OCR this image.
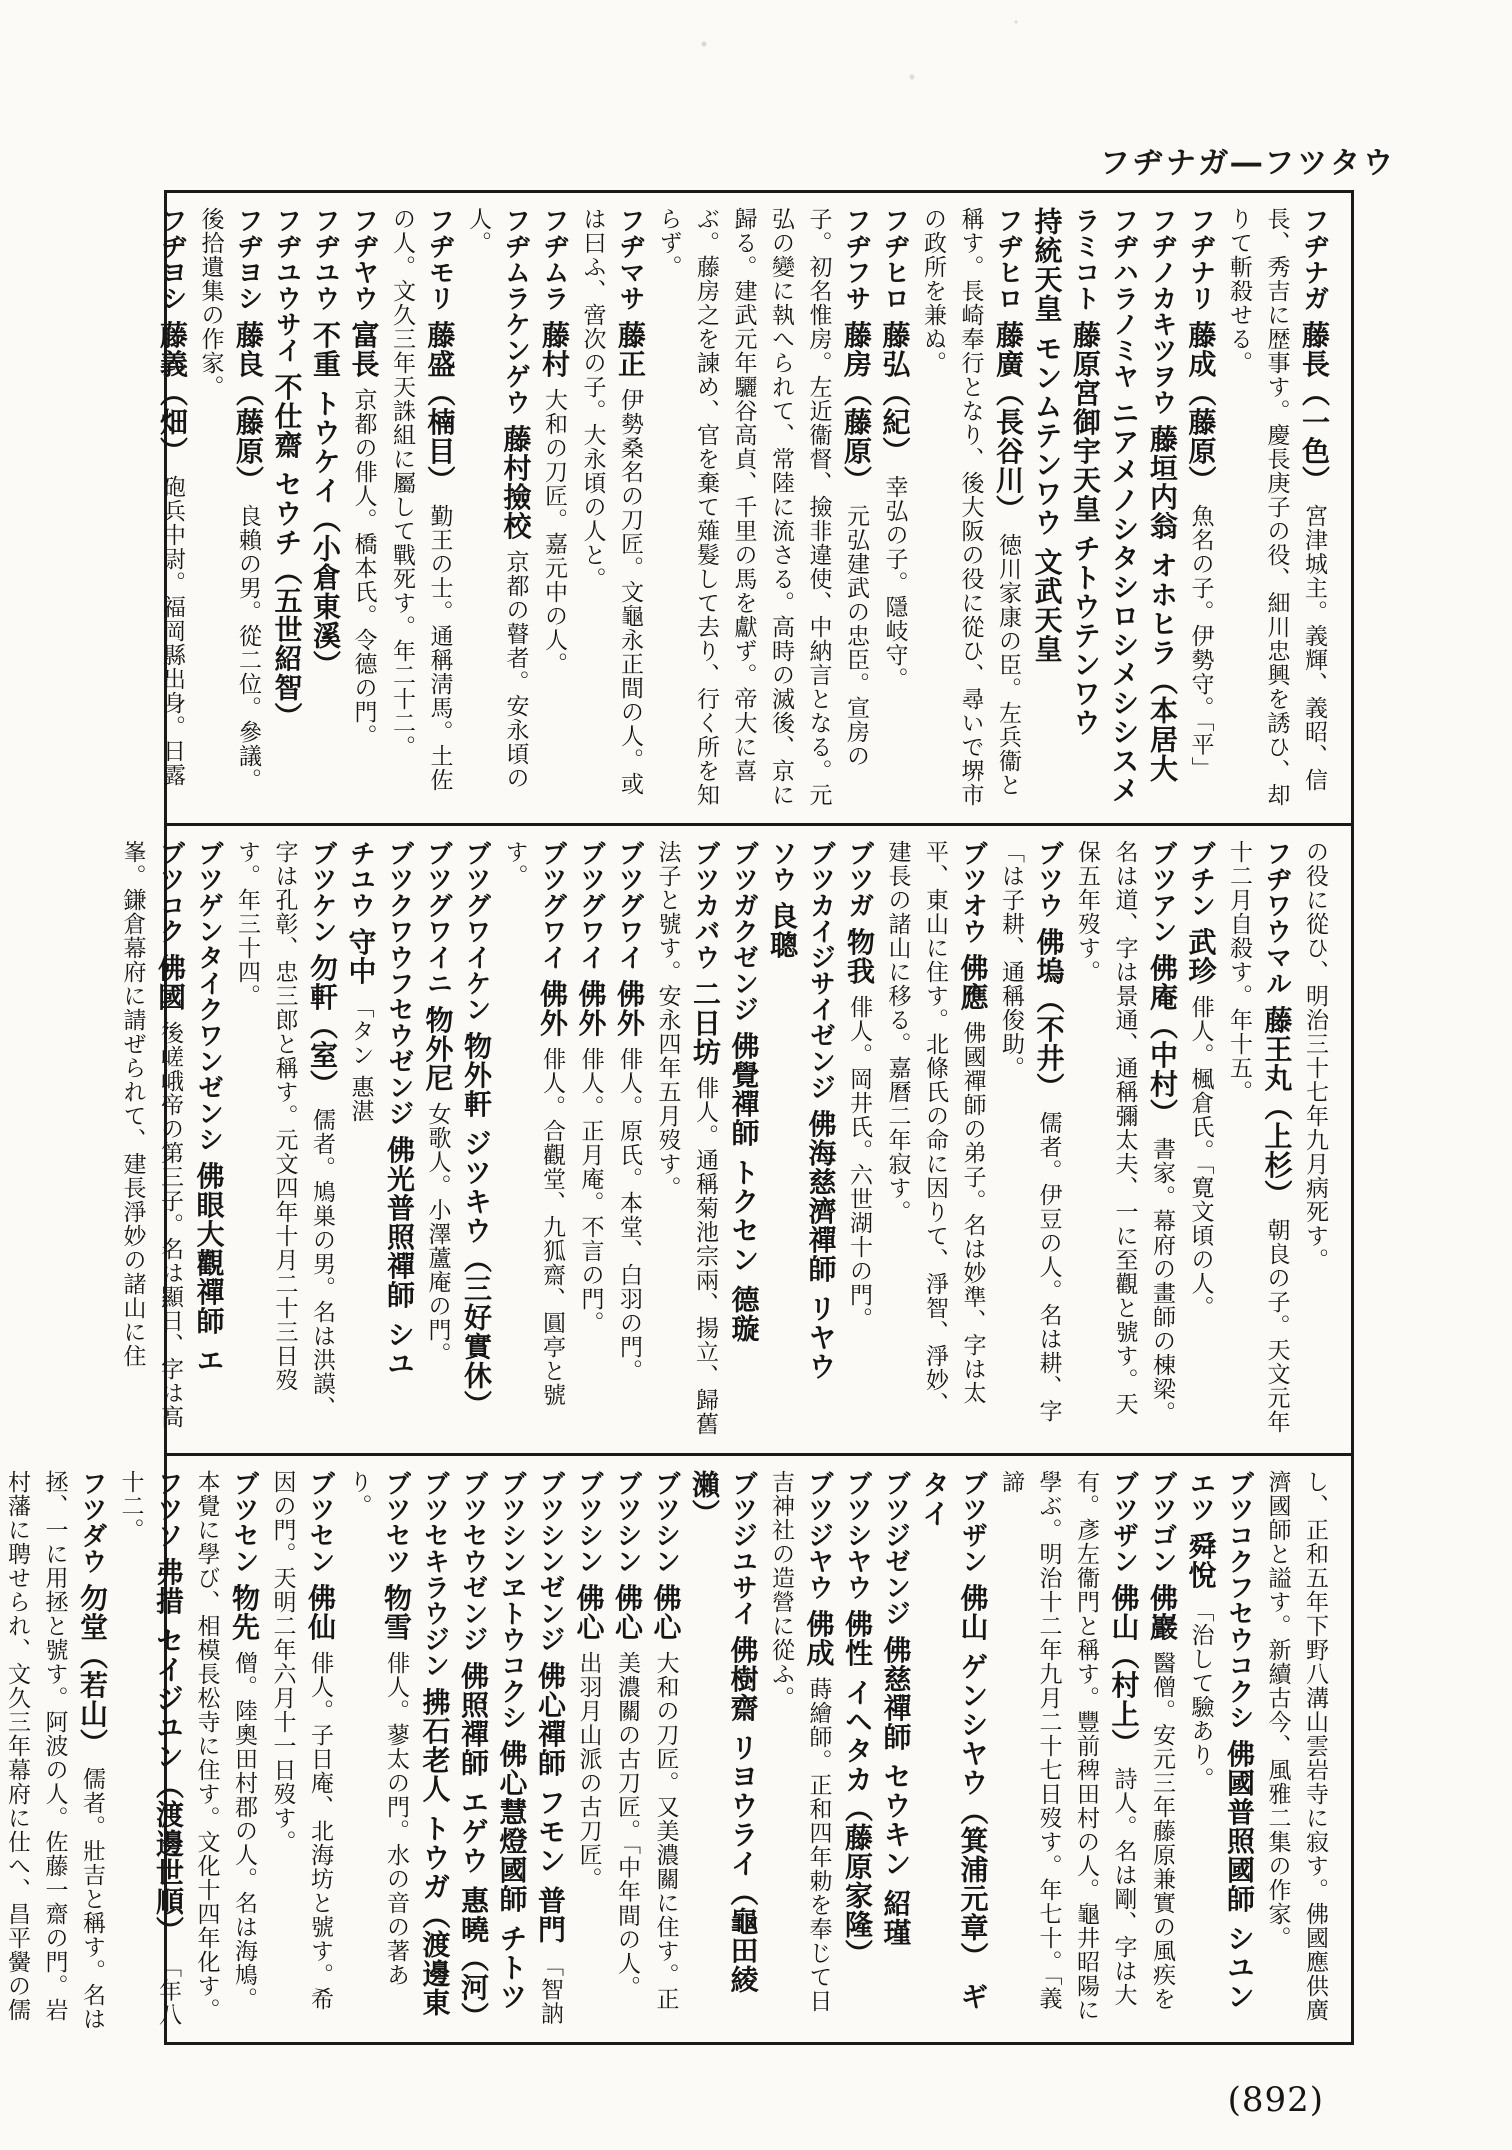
フヂナガ―フツタウ

フヂナガ 藤長（一色） 宮津城主。義輝、義昭、信長、秀吉に歴事す。慶長庚子の役、細川忠興を誘ひ、却りて斬殺せる。

フヂナリ 藤成（藤原） 魚名の子。伊勢守。「平」

フヂノカキツヲウ 藤垣内翁 オホヒラ（本居大

フヂハラノミヤ ニアメノシタシロシメシシスメ

ラミコト 藤原宮御宇天皇 チトウテンワウ

持統天皇 モンムテンワウ 文武天皇

フヂヒロ 藤廣（長谷川） 徳川家康の臣。左兵衞と稱す。長崎奉行となり、後大阪の役に從ひ、尋いで堺市の政所を兼ぬ。

フヂヒロ 藤弘（紀） 幸弘の子。隱岐守。

フヂフサ 藤房（藤原） 元弘建武の忠臣。宣房の子。初名惟房。左近衞督、撿非違使、中納言となる。元弘の變に執へられて、常陸に流さる。高時の滅後、京に歸る。建武元年驪谷高貞、千里の馬を獻ず。帝大に喜ぶ。藤房之を諫め、官を棄て薙髮して去り、行く所を知らず。

フヂマサ 藤正 伊勢桑名の刀匠。文龜永正間の人。或は曰ふ、啻次の子。大永頃の人と。

フヂムラ 藤村 大和の刀匠。嘉元中の人。

フヂムラケンゲウ 藤村撿校 京都の瞽者。安永頃の人。

フヂモリ 藤盛（楠目） 勤王の士。通稱淸馬。土佐の人。文久三年天誅組に屬して戰死す。年二十二。

フヂヤウ 富長 京都の俳人。橋本氏。令德の門。

フヂユウ 不重 トウケイ（小倉東溪）

フヂユウサイ 不仕齋 セウチ（五世紹智）

フヂヨシ 藤良（藤原） 良賴の男。從二位。參議。後拾遺集の作家。

フヂヨシ 藤義（畑） 砲兵中尉。福岡縣出身。日露

の役に從ひ、明治三十七年九月病死す。

フヂワウマル 藤王丸（上杉） 朝良の子。天文元年十二月自殺す。年十五。

ブチン 武珍 俳人。楓倉氏。「寛文頃の人。

ブツアン 佛庵（中村） 書家。幕府の畫師の棟梁。名は道、字は景通、通稱彌太夫、一に至觀と號す。天保五年歿す。

ブツウ 佛塢（不井） 儒者。伊豆の人。名は耕、字「は子耕、通稱俊助。

ブツオウ 佛應 佛國禪師の弟子。名は妙準、字は太平、東山に住す。北條氏の命に因りて、淨智、淨妙、建長の諸山に移る。嘉曆二年寂す。

ブツガ 物我 俳人。岡井氏。六世湖十の門。

ブツカイジサイゼンジ 佛海慈濟禪師 リヤウ

ソウ 良聰

ブツガクゼンジ 佛覺禪師 トクセン 德璇

ブツカバウ 二日坊 俳人。通稱菊池宗兩、揚立、歸舊法子と號す。安永四年五月歿す。

ブツグワイ 佛外 俳人。原氏。本堂、白羽の門。

ブツグワイ 佛外 俳人。正月庵。不言の門。

ブツグワイ 佛外 俳人。合觀堂、九狐齋、圓亭と號す。

ブツグワイケン 物外軒 ジツキウ（三好實休）

ブツグワイニ 物外尼 女歌人。小澤蘆庵の門。

ブツクワウフセウゼンジ 佛光普照禪師 シユ

チユウ 守中 「タン 惠湛

ブツケン 勿軒（室） 儒者。鳩巣の男。名は洪謨、字は孔彰、忠三郎と稱す。元文四年十月二十三日歿す。年三十四。

ブツゲンタイクワンゼンシ 佛眼大觀禪師 エ

ブツコク 佛國 後嵯峨帝の第三子。名は顯日、字は高峯。鎌倉幕府に請ぜられて、建長淨妙の諸山に住

し、正和五年下野八溝山雲岩寺に寂す。佛國應供廣濟國師と謚す。新續古今、風雅二集の作家。

ブツコクフセウコクシ 佛國普照國師 シユン

エツ 舜悅 「治して驗あり。

ブツゴン 佛巖 醫僧。安元三年藤原兼實の風疾を

ブツザン 佛山（村上） 詩人。名は剛、字は大有。彥左衞門と稱す。豐前稗田村の人。龜井昭陽に學ぶ。明治十二年九月二十七日歿す。年七十。「義諦

ブツザン 佛山 ゲンシヤウ（箕浦元章） ギタイ

ブツジゼンジ 佛慈禪師 セウキン 紹瑾

ブツシヤウ 佛性 イヘタカ（藤原家隆）

ブツジヤウ 佛成 蒔繪師。正和四年勅を奉じて日吉神社の造營に從ふ。

ブツジユサイ 佛樹齋 リヨウライ（龜田綾瀨）

ブツシン 佛心 大和の刀匠。又美濃關に住す。正

ブツシン 佛心 美濃關の古刀匠。「中年間の人。

ブツシン 佛心 出羽月山派の古刀匠。

ブツシンゼンジ 佛心禪師 フモン 普門 「智訥

ブツシンヱトウコクシ 佛心慧燈國師 チトツ

ブツセウゼンジ 佛照禪師 エゲウ 惠曉（河）

ブツセキラウジン 拂石老人 トウガ（渡邊東

ブツセツ 物雪 俳人。蓼太の門。水の音の著あり。

ブツセン 佛仙 俳人。子日庵、北海坊と號す。希因の門。天明二年六月十一日歿す。

ブツセン 物先 僧。陸奧田村郡の人。名は海鳩。本覺に學び、相模長松寺に住す。文化十四年化す。

フツソ 弗措 セイジユン（渡邊世順） 「年八十二。

フツダウ 勿堂（若山） 儒者。壯吉と稱す。名は拯、一に用拯と號す。阿波の人。佐藤一齋の門。岩村藩に聘せられ、文久三年幕府に仕へ、昌平黌の儒

(892)
